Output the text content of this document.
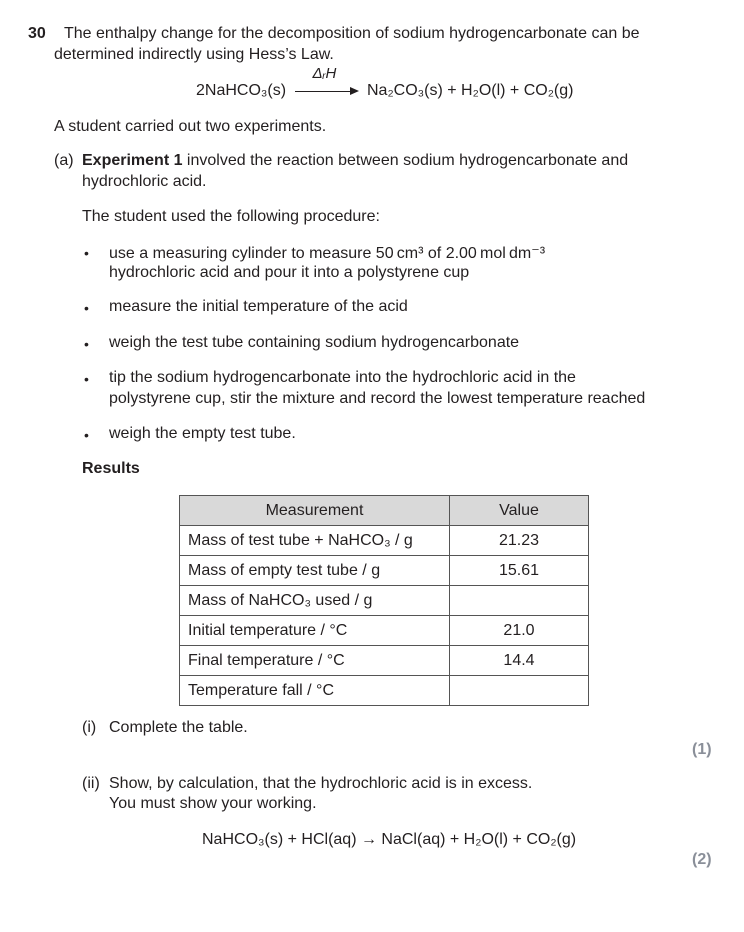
30 The enthalpy change for the decomposition of sodium hydrogencarbonate can be
determined indirectly using Hess’s Law.
2NaHCO₃(s)
ΔᵣH
Na₂CO₃(s) + H₂O(l) + CO₂(g)
A student carried out two experiments.
(a) Experiment 1 involved the reaction between sodium hydrogencarbonate and
hydrochloric acid.
The student used the following procedure:
• use a measuring cylinder to measure 50 cm³ of 2.00 mol dm⁻³
hydrochloric acid and pour it into a polystyrene cup
• measure the initial temperature of the acid
• weigh the test tube containing sodium hydrogencarbonate
• tip the sodium hydrogencarbonate into the hydrochloric acid in the
polystyrene cup, stir the mixture and record the lowest temperature reached
• weigh the empty test tube.
Results
Measurement	Value
Mass of test tube + NaHCO₃ / g	21.23
Mass of empty test tube / g	15.61
Mass of NaHCO₃ used / g	
Initial temperature / °C	21.0
Final temperature / °C	14.4
Temperature fall / °C	
(i) Complete the table.
(1)
(ii) Show, by calculation, that the hydrochloric acid is in excess.
You must show your working.
NaHCO₃(s) + HCl(aq) → NaCl(aq) + H₂O(l) + CO₂(g)
(2)
